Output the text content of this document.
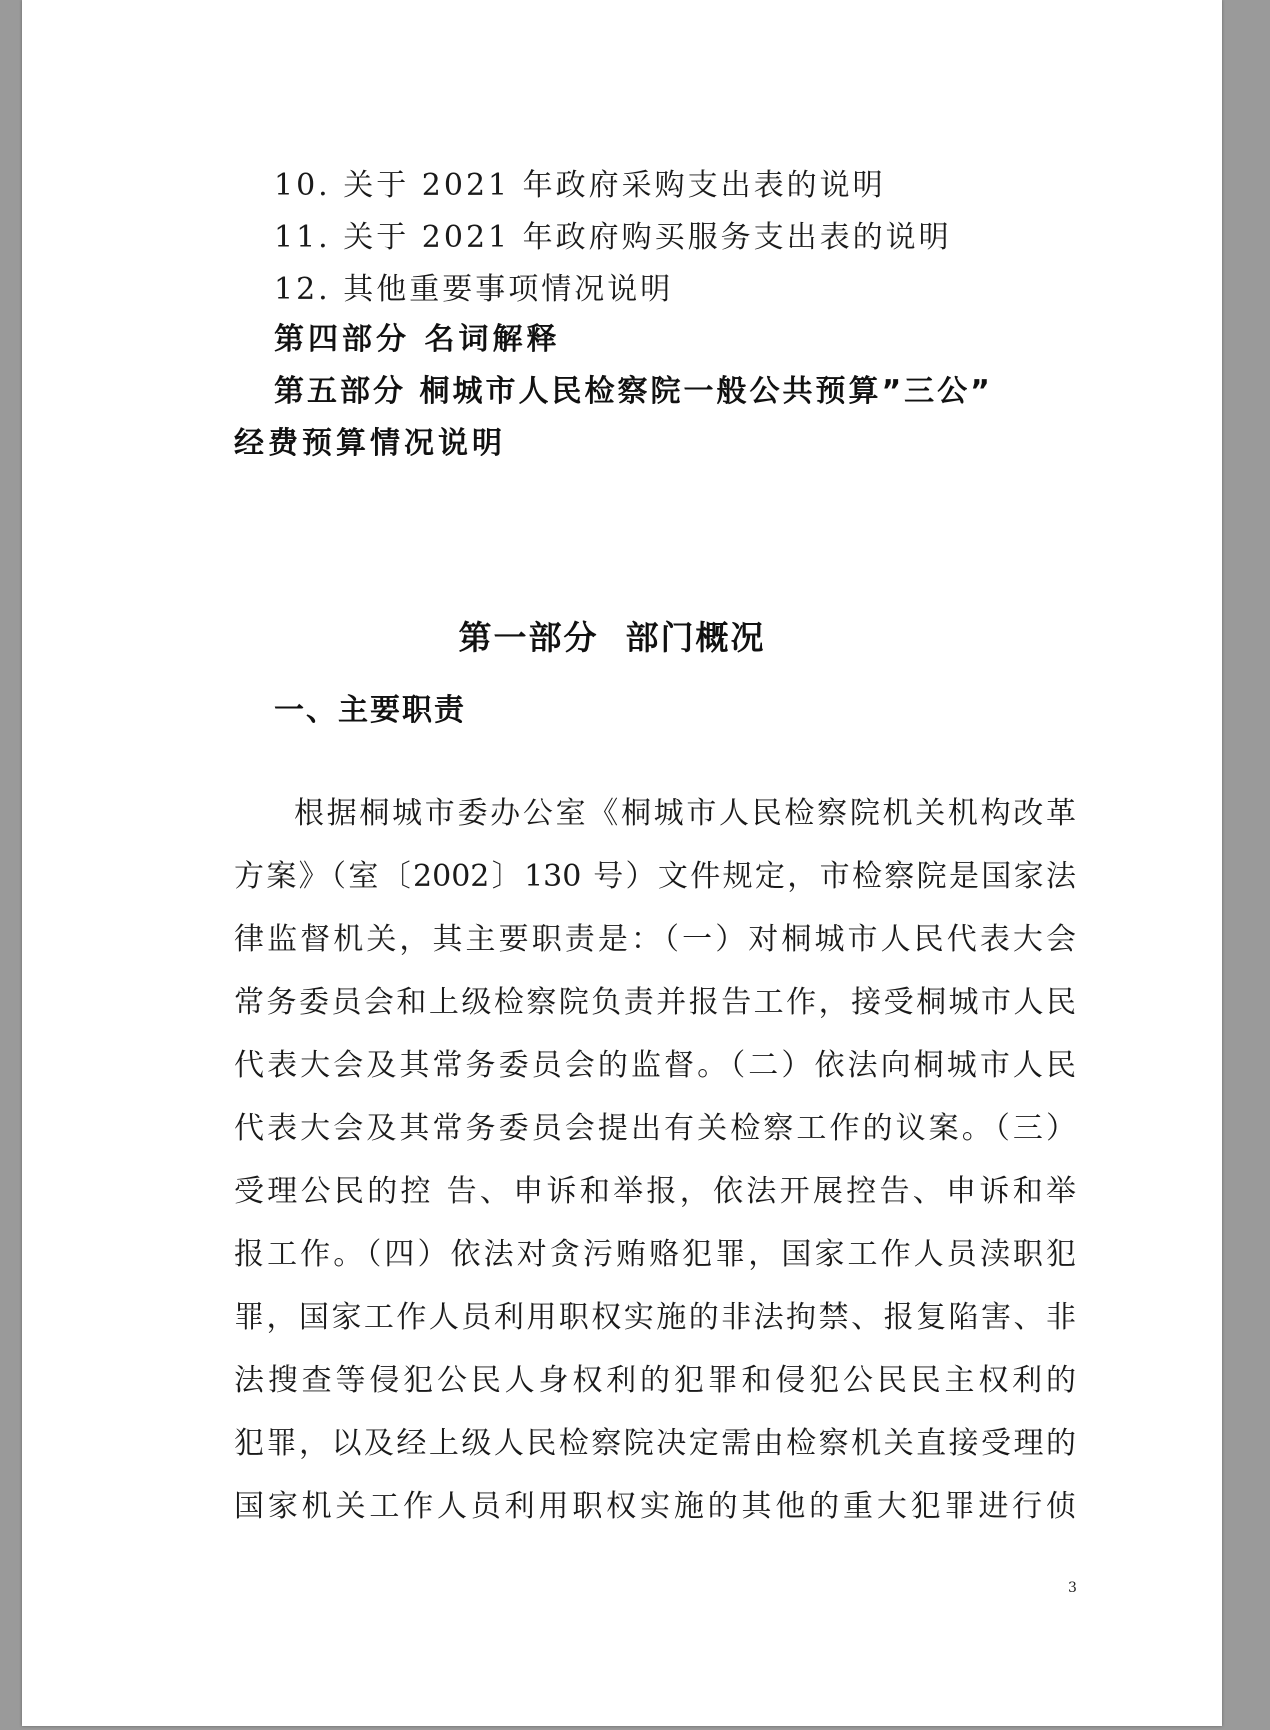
10. 关于 2021 年政府采购支出表的说明
11. 关于 2021 年政府购买服务支出表的说明
12. 其他重要事项情况说明
第四部分 名词解释
第五部分 桐城市人民检察院一般公共预算”三公”
经费预算情况说明
第一部分  部门概况
一、主要职责
根据桐城市委办公室《桐城市人民检察院机关机构改革
方案》（室〔2002〕130 号）文件规定，市检察院是国家法
律监督机关，其主要职责是：（一）对桐城市人民代表大会
常务委员会和上级检察院负责并报告工作，接受桐城市人民
代表大会及其常务委员会的监督。（二）依法向桐城市人民
代表大会及其常务委员会提出有关检察工作的议案。（三）
受理公民的控 告、申诉和举报，依法开展控告、申诉和举
报工作。（四）依法对贪污贿赂犯罪，国家工作人员渎职犯
罪，国家工作人员利用职权实施的非法拘禁、报复陷害、非
法搜查等侵犯公民人身权利的犯罪和侵犯公民民主权利的
犯罪，以及经上级人民检察院决定需由检察机关直接受理的
国家机关工作人员利用职权实施的其他的重大犯罪进行侦
3
